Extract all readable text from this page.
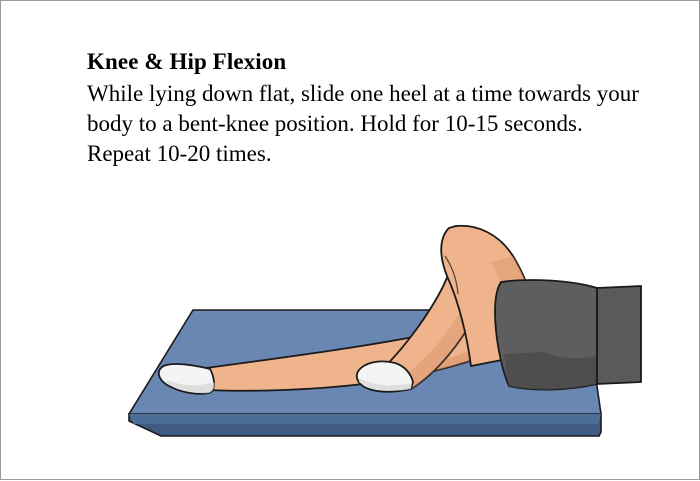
Knee & Hip Flexion

While lying down flat, slide one heel at a time towards your body to a bent-knee position. Hold for 10-15 seconds. Repeat 10-20 times.
